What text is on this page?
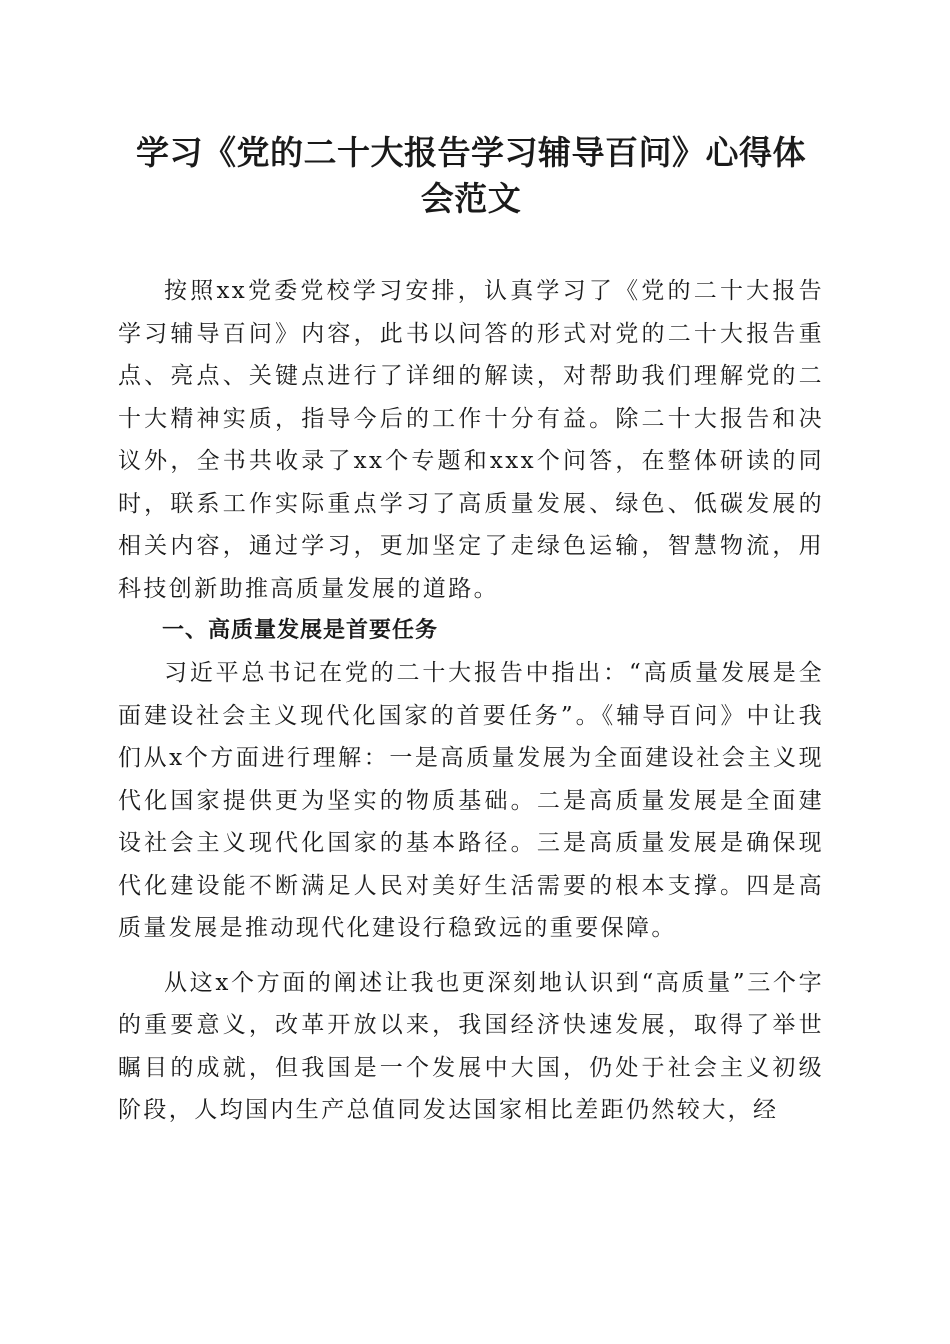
学习《党的二十大报告学习辅导百问》心得体
会范文

按照xx党委党校学习安排，认真学习了《党的二十大报告学习辅导百问》内容，此书以问答的形式对党的二十大报告重点、亮点、关键点进行了详细的解读，对帮助我们理解党的二十大精神实质，指导今后的工作十分有益。除二十大报告和决议外，全书共收录了xx个专题和xxx个问答，在整体研读的同时，联系工作实际重点学习了高质量发展、绿色、低碳发展的相关内容，通过学习，更加坚定了走绿色运输，智慧物流，用科技创新助推高质量发展的道路。

一、高质量发展是首要任务

习近平总书记在党的二十大报告中指出：“高质量发展是全面建设社会主义现代化国家的首要任务”。《辅导百问》中让我们从x个方面进行理解：一是高质量发展为全面建设社会主义现代化国家提供更为坚实的物质基础。二是高质量发展是全面建设社会主义现代化国家的基本路径。三是高质量发展是确保现代化建设能不断满足人民对美好生活需要的根本支撑。四是高质量发展是推动现代化建设行稳致远的重要保障。

从这x个方面的阐述让我也更深刻地认识到“高质量”三个字的重要意义，改革开放以来，我国经济快速发展，取得了举世瞩目的成就，但我国是一个发展中大国，仍处于社会主义初级阶段，人均国内生产总值同发达国家相比差距仍然较大，经
